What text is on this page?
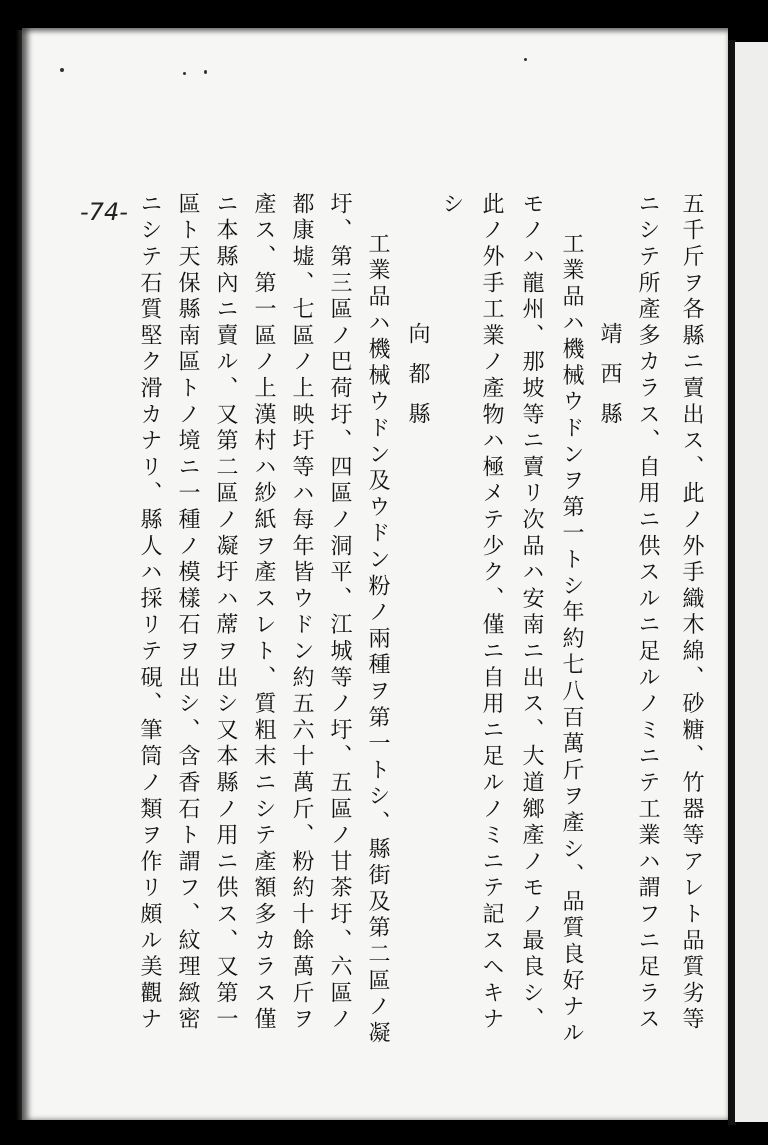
-74-	五千斤ヲ各縣ニ賣出ス、此ノ外手織木綿、砂糖、竹器等アレト品質劣等
ニシテ所產多カラス、自用ニ供スルニ足ルノミニテ工業ハ謂フニ足ラス
靖西縣
工業品ハ機械ウドンヲ第一トシ年約七八百萬斤ヲ產シ、品質良好ナル
モノハ龍州、那坡等ニ賣リ次品ハ安南ニ出ス、大道鄉產ノモノ最良シ、
此ノ外手工業ノ產物ハ極メテ少ク、僅ニ自用ニ足ルノミニテ記スヘキナ
シ
向都縣
工業品ハ機械ウドン及ウドン粉ノ兩種ヲ第一トシ、縣街及第二區ノ凝
圩、第三區ノ巴荷圩、四區ノ洞平、江城等ノ圩、五區ノ甘茶圩、六區ノ
都康墟、七區ノ上映圩等ハ每年皆ウドン約五六十萬斤、粉約十餘萬斤ヲ
產ス、第一區ノ上漢村ハ紗紙ヲ產スレト、質粗末ニシテ產額多カラス僅
ニ本縣內ニ賣ル、又第二區ノ凝圩ハ蓆ヲ出シ又本縣ノ用ニ供ス、又第一
區ト天保縣南區トノ境ニ一種ノ模樣石ヲ出シ、含香石ト謂フ、紋理緻密
ニシテ石質堅ク滑カナリ、縣人ハ採リテ硯、筆筒ノ類ヲ作リ頗ル美觀ナ
